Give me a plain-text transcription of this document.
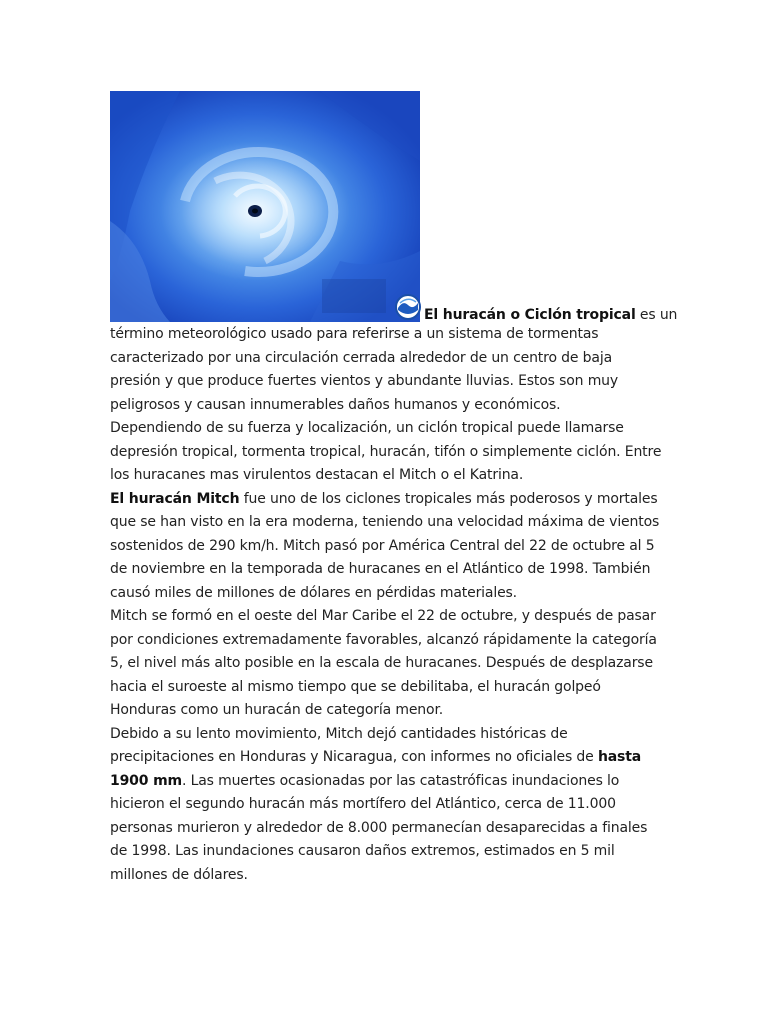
El huracán o Ciclón tropical es un

término meteorológico usado para referirse a un sistema de tormentas caracterizado por una circulación cerrada alrededor de un centro de baja presión y que produce fuertes vientos y abundante lluvias. Estos son muy peligrosos y causan innumerables daños humanos y económicos.

Dependiendo de su fuerza y localización, un ciclón tropical puede llamarse depresión tropical, tormenta tropical, huracán, tifón o simplemente ciclón. Entre los huracanes mas virulentos destacan el Mitch o el Katrina.

El huracán Mitch fue uno de los ciclones tropicales más poderosos y mortales que se han visto en la era moderna, teniendo una velocidad máxima de vientos sostenidos de 290 km/h. Mitch pasó por América Central del 22 de octubre al 5 de noviembre en la temporada de huracanes en el Atlántico de 1998. También causó miles de millones de dólares en pérdidas materiales.

Mitch se formó en el oeste del Mar Caribe el 22 de octubre, y después de pasar por condiciones extremadamente favorables, alcanzó rápidamente la categoría 5, el nivel más alto posible en la escala de huracanes. Después de desplazarse hacia el suroeste al mismo tiempo que se debilitaba, el huracán golpeó Honduras como un huracán de categoría menor.

Debido a su lento movimiento, Mitch dejó cantidades históricas de precipitaciones en Honduras y Nicaragua, con informes no oficiales de hasta 1900 mm. Las muertes ocasionadas por las catastróficas inundaciones lo hicieron el segundo huracán más mortífero del Atlántico, cerca de 11.000 personas murieron y alrededor de 8.000 permanecían desaparecidas a finales de 1998. Las inundaciones causaron daños extremos, estimados en 5 mil millones de dólares.
